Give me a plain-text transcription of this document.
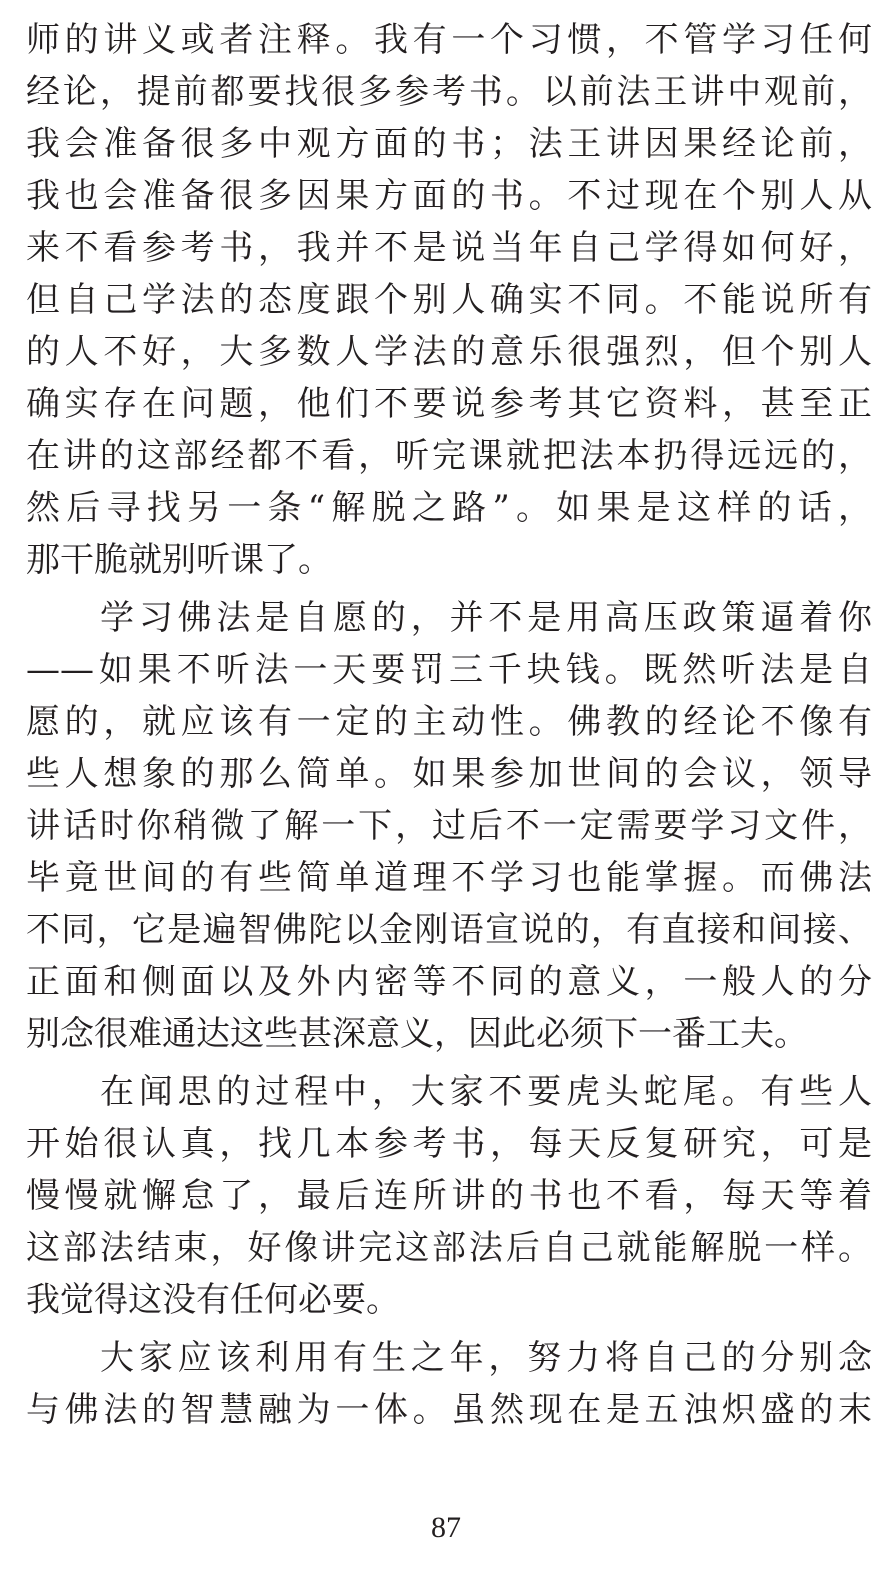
师的讲义或者注释。我有一个习惯，不管学习任何
经论，提前都要找很多参考书。以前法王讲中观前，
我会准备很多中观方面的书；法王讲因果经论前，
我也会准备很多因果方面的书。不过现在个别人从
来不看参考书，我并不是说当年自己学得如何好，
但自己学法的态度跟个别人确实不同。不能说所有
的人不好，大多数人学法的意乐很强烈，但个别人
确实存在问题，他们不要说参考其它资料，甚至正
在讲的这部经都不看，听完课就把法本扔得远远的，
然后寻找另一条“解脱之路”。如果是这样的话，
那干脆就别听课了。
学习佛法是自愿的，并不是用高压政策逼着你
——如果不听法一天要罚三千块钱。既然听法是自
愿的，就应该有一定的主动性。佛教的经论不像有
些人想象的那么简单。如果参加世间的会议，领导
讲话时你稍微了解一下，过后不一定需要学习文件，
毕竟世间的有些简单道理不学习也能掌握。而佛法
不同，它是遍智佛陀以金刚语宣说的，有直接和间接、
正面和侧面以及外内密等不同的意义，一般人的分
别念很难通达这些甚深意义，因此必须下一番工夫。
在闻思的过程中，大家不要虎头蛇尾。有些人
开始很认真，找几本参考书，每天反复研究，可是
慢慢就懈怠了，最后连所讲的书也不看，每天等着
这部法结束，好像讲完这部法后自己就能解脱一样。
我觉得这没有任何必要。
大家应该利用有生之年，努力将自己的分别念
与佛法的智慧融为一体。虽然现在是五浊炽盛的末
87
